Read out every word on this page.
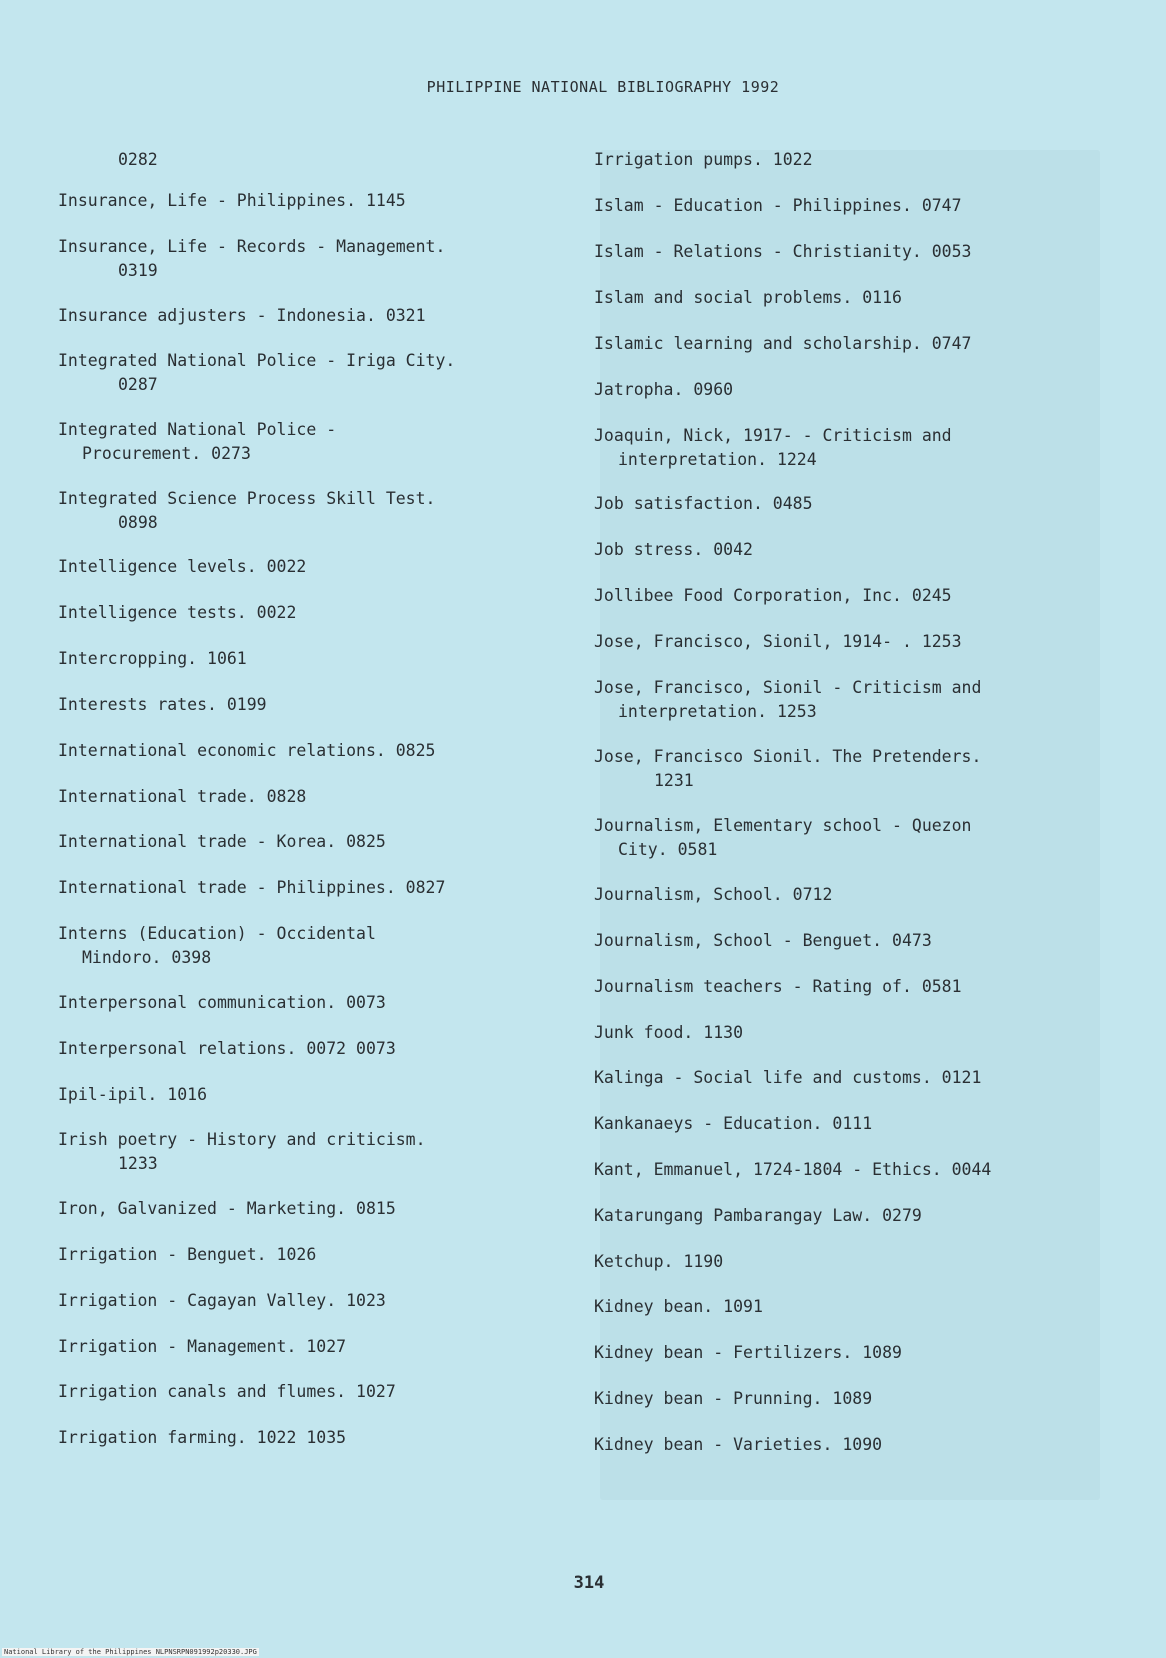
PHILIPPINE NATIONAL BIBLIOGRAPHY 1992
0282
Insurance, Life - Philippines. 1145
Insurance, Life - Records - Management.
0319
Insurance adjusters - Indonesia. 0321
Integrated National Police - Iriga City.
0287
Integrated National Police -
Procurement. 0273
Integrated Science Process Skill Test.
0898
Intelligence levels. 0022
Intelligence tests. 0022
Intercropping. 1061
Interests rates. 0199
International economic relations. 0825
International trade. 0828
International trade - Korea. 0825
International trade - Philippines. 0827
Interns (Education) - Occidental
Mindoro. 0398
Interpersonal communication. 0073
Interpersonal relations. 0072 0073
Ipil-ipil. 1016
Irish poetry - History and criticism.
1233
Iron, Galvanized - Marketing. 0815
Irrigation - Benguet. 1026
Irrigation - Cagayan Valley. 1023
Irrigation - Management. 1027
Irrigation canals and flumes. 1027
Irrigation farming. 1022 1035
Irrigation pumps. 1022
Islam - Education - Philippines. 0747
Islam - Relations - Christianity. 0053
Islam and social problems. 0116
Islamic learning and scholarship. 0747
Jatropha. 0960
Joaquin, Nick, 1917- - Criticism and
interpretation. 1224
Job satisfaction. 0485
Job stress. 0042
Jollibee Food Corporation, Inc. 0245
Jose, Francisco, Sionil, 1914- . 1253
Jose, Francisco, Sionil - Criticism and
interpretation. 1253
Jose, Francisco Sionil. The Pretenders.
1231
Journalism, Elementary school - Quezon
City. 0581
Journalism, School. 0712
Journalism, School - Benguet. 0473
Journalism teachers - Rating of. 0581
Junk food. 1130
Kalinga - Social life and customs. 0121
Kankanaeys - Education. 0111
Kant, Emmanuel, 1724-1804 - Ethics. 0044
Katarungang Pambarangay Law. 0279
Ketchup. 1190
Kidney bean. 1091
Kidney bean - Fertilizers. 1089
Kidney bean - Prunning. 1089
Kidney bean - Varieties. 1090
314
National Library of the Philippines NLPNSRPN091992p20330.JPG
